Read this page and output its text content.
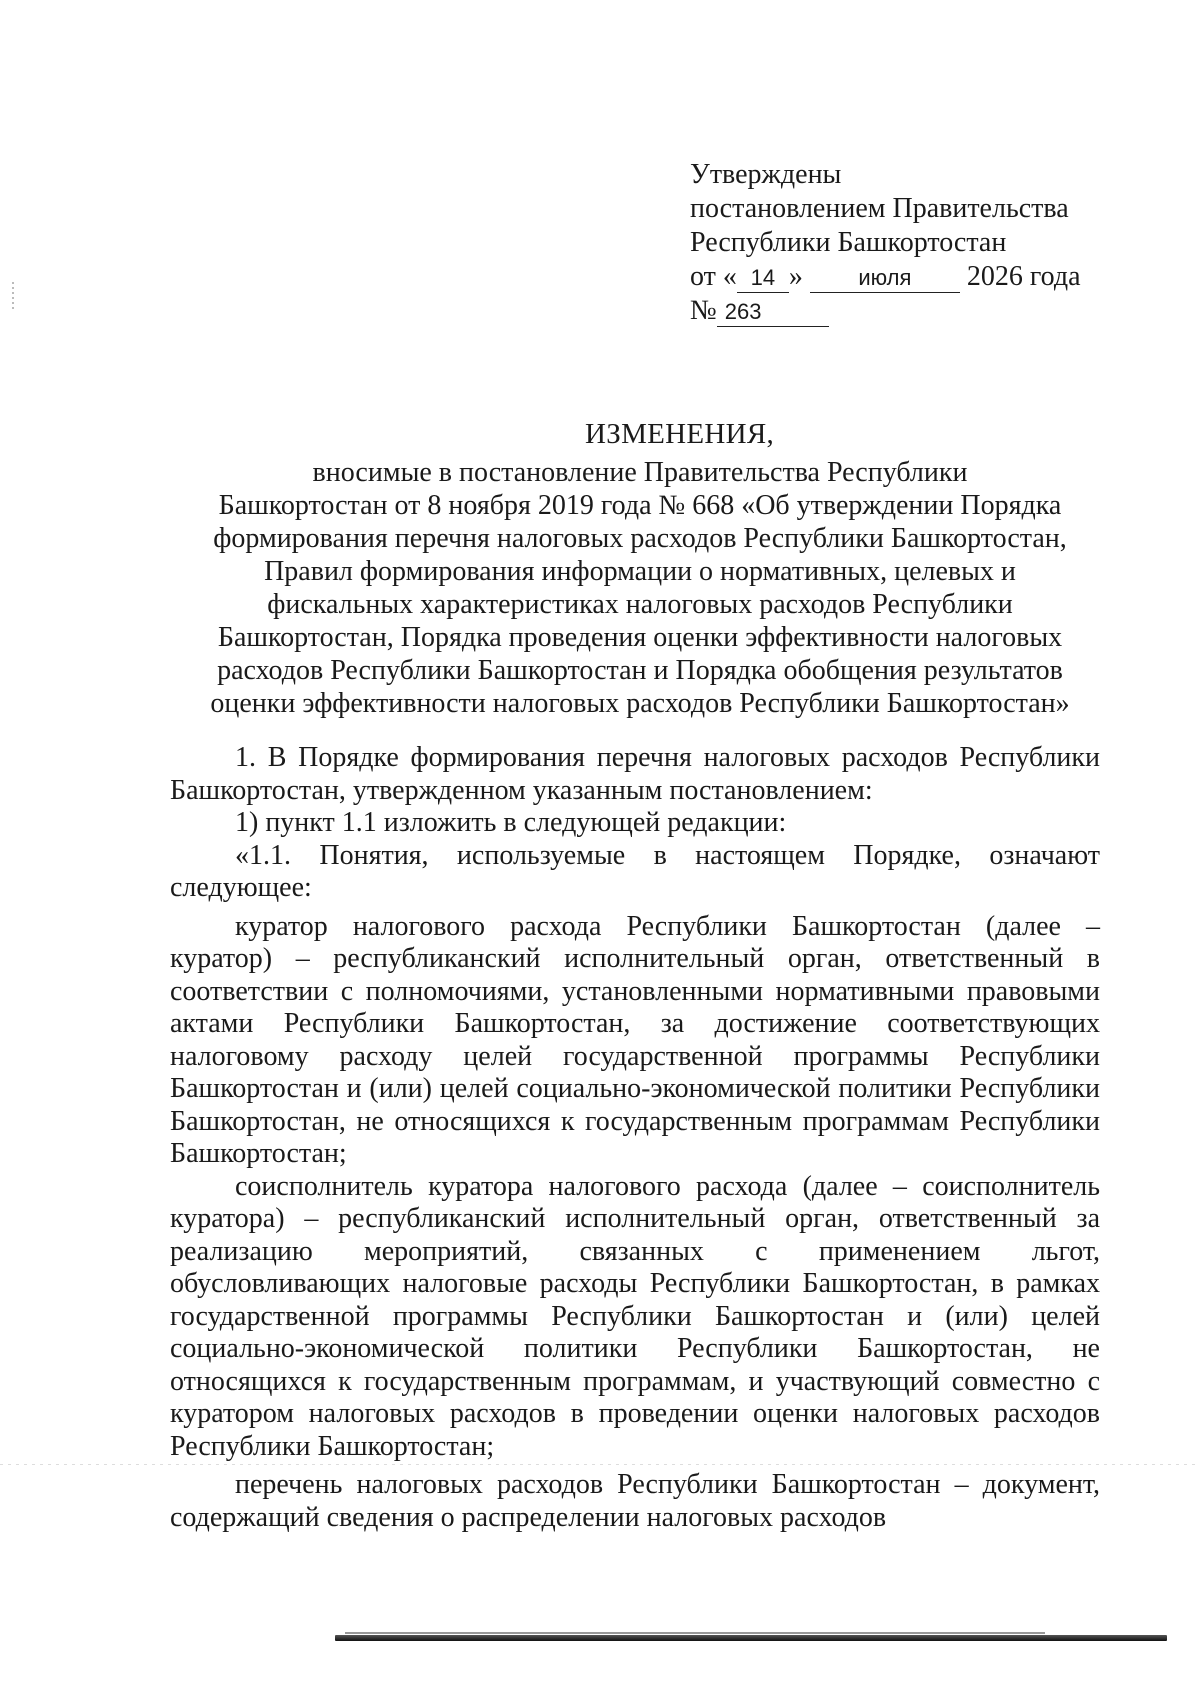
Утверждены
постановлением Правительства
Республики Башкортостан
от « 14 »	июля 2026 года
№ 263
ИЗМЕНЕНИЯ,
вносимые в постановление Правительства Республики
Башкортостан от 8 ноября 2019 года № 668 «Об утверждении Порядка
формирования перечня налоговых расходов Республики Башкортостан,
Правил формирования информации о нормативных, целевых и
фискальных характеристиках налоговых расходов Республики
Башкортостан, Порядка проведения оценки эффективности налоговых
расходов Республики Башкортостан и Порядка обобщения результатов
оценки эффективности налоговых расходов Республики Башкортостан»

1. В Порядке формирования перечня налоговых расходов Республики Башкортостан, утвержденном указанным постановлением:

1) пункт 1.1 изложить в следующей редакции:

«1.1. Понятия, используемые в настоящем Порядке, означают следующее:

куратор налогового расхода Республики Башкортостан (далее – куратор) – республиканский исполнительный орган, ответственный в соответствии с полномочиями, установленными нормативными правовыми актами Республики Башкортостан, за достижение соответствующих налоговому расходу целей государственной программы Республики Башкортостан и (или) целей социально-экономической политики Республики Башкортостан, не относящихся к государственным программам Республики Башкортостан;

соисполнитель куратора налогового расхода (далее – соисполнитель куратора) – республиканский исполнительный орган, ответственный за реализацию мероприятий, связанных с применением льгот, обусловливающих налоговые расходы Республики Башкортостан, в рамках государственной программы Республики Башкортостан и (или) целей социально-экономической политики Республики Башкортостан, не относящихся к государственным программам, и участвующий совместно с куратором налоговых расходов в проведении оценки налоговых расходов Республики Башкортостан;

перечень налоговых расходов Республики Башкортостан – документ, содержащий сведения о распределении налоговых расходов
